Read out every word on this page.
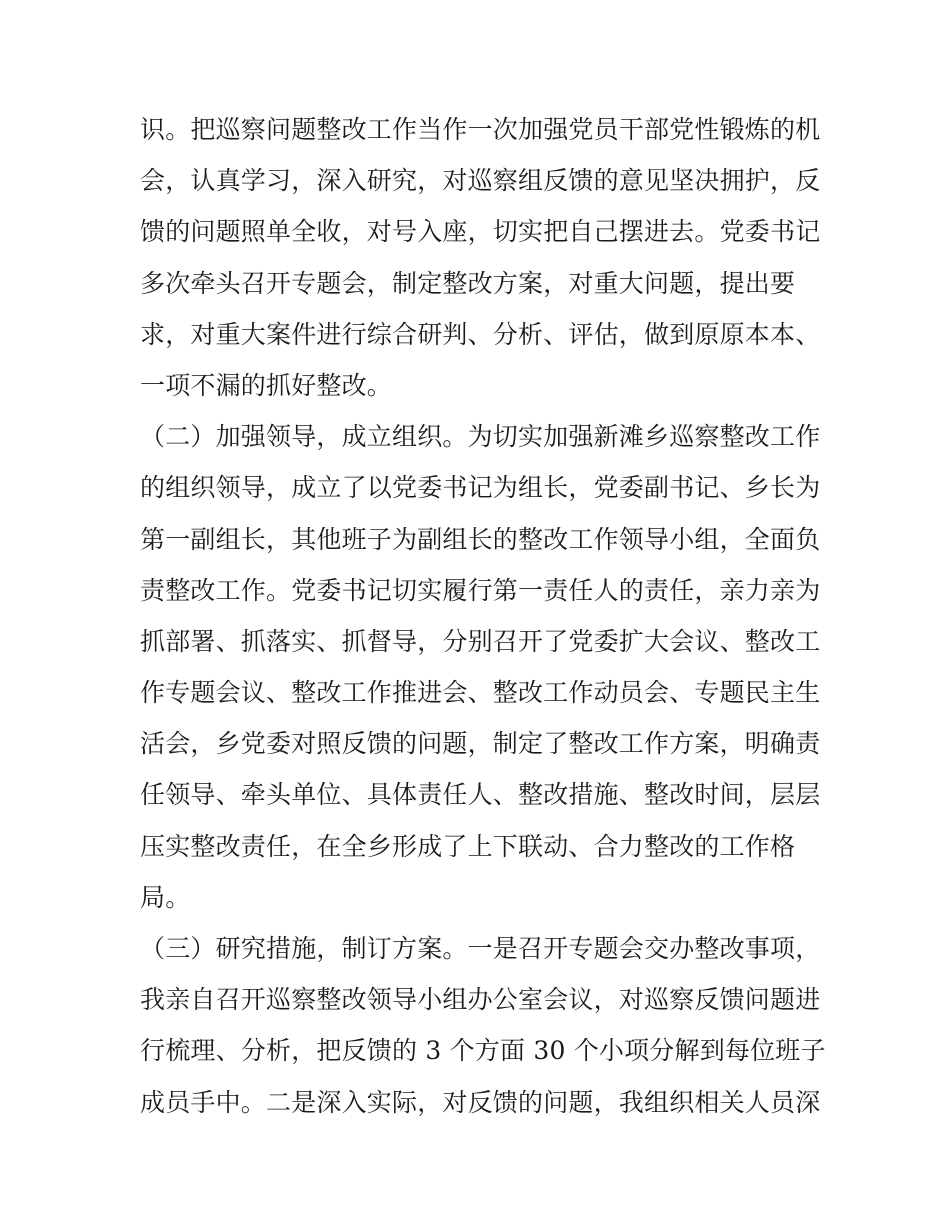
识。把巡察问题整改工作当作一次加强党员干部党性锻炼的机
会，认真学习，深入研究，对巡察组反馈的意见坚决拥护，反
馈的问题照单全收，对号入座，切实把自己摆进去。党委书记
多次牵头召开专题会，制定整改方案，对重大问题，提出要
求，对重大案件进行综合研判、分析、评估，做到原原本本、
一项不漏的抓好整改。
（二）加强领导，成立组织。为切实加强新滩乡巡察整改工作
的组织领导，成立了以党委书记为组长，党委副书记、乡长为
第一副组长，其他班子为副组长的整改工作领导小组，全面负
责整改工作。党委书记切实履行第一责任人的责任，亲力亲为
抓部署、抓落实、抓督导，分别召开了党委扩大会议、整改工
作专题会议、整改工作推进会、整改工作动员会、专题民主生
活会，乡党委对照反馈的问题，制定了整改工作方案，明确责
任领导、牵头单位、具体责任人、整改措施、整改时间，层层
压实整改责任，在全乡形成了上下联动、合力整改的工作格
局。
（三）研究措施，制订方案。一是召开专题会交办整改事项，
我亲自召开巡察整改领导小组办公室会议，对巡察反馈问题进
行梳理、分析，把反馈的 3 个方面 30 个小项分解到每位班子
成员手中。二是深入实际，对反馈的问题，我组织相关人员深
